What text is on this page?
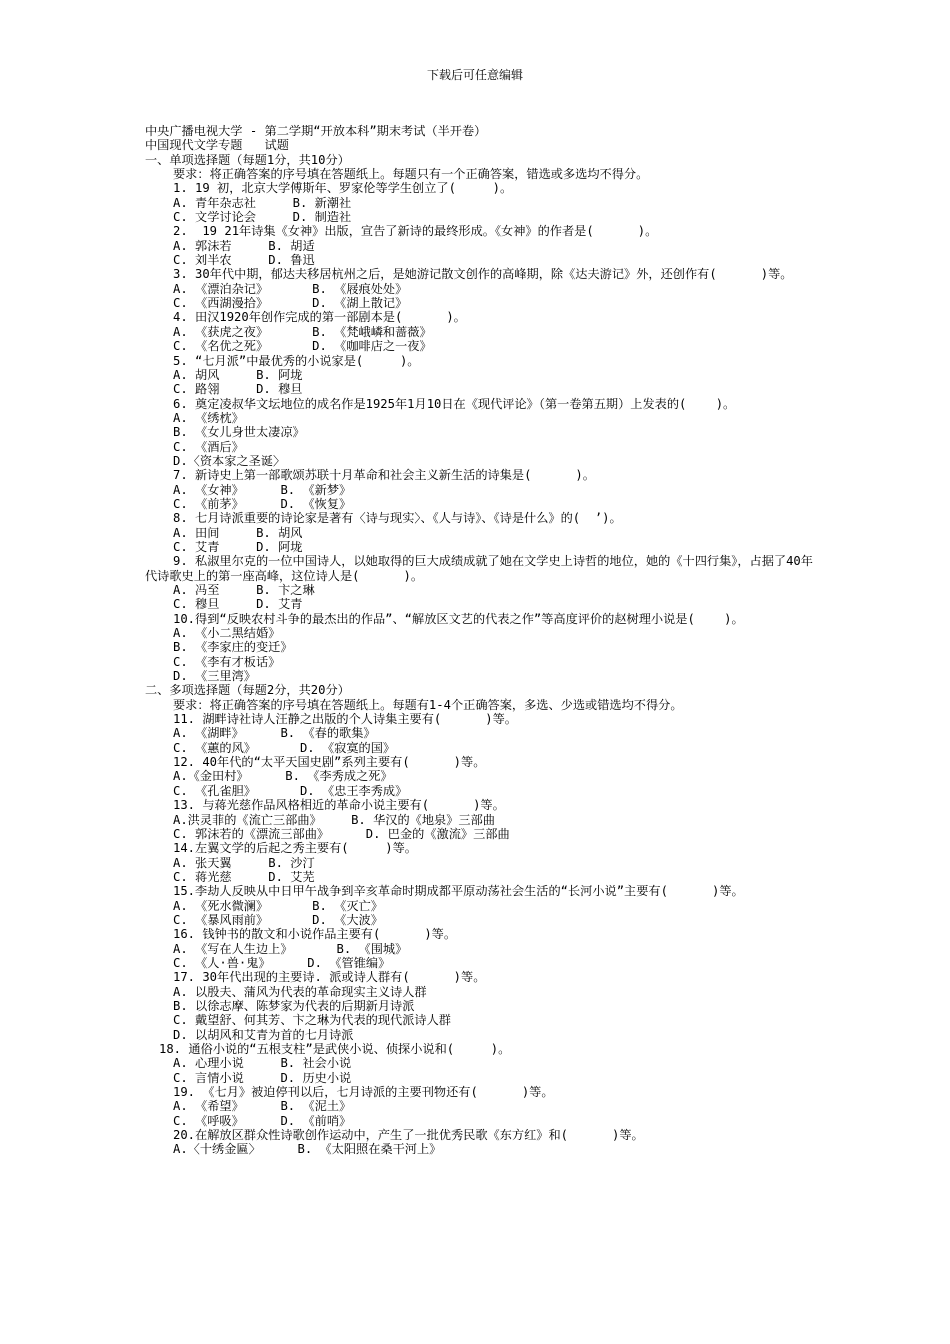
下载后可任意编辑
中央广播电视大学 - 第二学期“开放本科”期末考试（半开卷）
中国现代文学专题   试题
一、单项选择题（每题1分，共10分）
要求：将正确答案的序号填在答题纸上。每题只有一个正确答案，错选或多选均不得分。
1. 19 初，北京大学傅斯年、罗家伦等学生创立了(     )。
A. 青年杂志社     B. 新潮社
C. 文学讨论会     D. 制造社
2.  19 21年诗集《女神》出版，宣告了新诗的最终形成。《女神》的作者是(      )。
A. 郭沫若     B. 胡适
C. 刘半农     D. 鲁迅
3. 30年代中期，郁达夫移居杭州之后，是她游记散文创作的高峰期，除《达夫游记》外，还创作有(      )等。
A. 《漂泊杂记》      B. 《屐痕处处》
C. 《西湖漫拾》      D. 《湖上散记》
4. 田汉1920年创作完成的第一部剧本是(      )。
A. 《获虎之夜》      B. 《梵峨嶙和蔷薇》
C. 《名优之死》      D. 《咖啡店之一夜》
5. “七月派”中最优秀的小说家是(     )。
A. 胡风     B. 阿垅
C. 路翎     D. 穆旦
6. 奠定凌叔华文坛地位的成名作是1925年1月10日在《现代评论》（第一卷第五期）上发表的(    )。
A. 《绣枕》
B. 《女儿身世太凄凉》
C. 《酒后》
D.〈资本家之圣诞〉
7. 新诗史上第一部歌颂苏联十月革命和社会主义新生活的诗集是(      )。
A. 《女神》     B. 《新梦》
C. 《前茅》     D. 《恢复》
8. 七月诗派重要的诗论家是著有〈诗与现实〉、《人与诗》、《诗是什么》的(  ’)。
A. 田间     B. 胡风
C. 艾青     D. 阿垅
9. 私淑里尔克的一位中国诗人，以她取得的巨大成绩成就了她在文学史上诗哲的地位，她的《十四行集》，占据了40年代诗歌史上的第一座高峰，这位诗人是(      )。
A. 冯至     B. 卞之琳
C. 穆旦     D. 艾青
10.得到“反映农村斗争的最杰出的作品”、“解放区文艺的代表之作”等高度评价的赵树理小说是(    )。
A. 《小二黑结婚》
B. 《李家庄的变迁》
C. 《李有才板话》
D. 《三里湾》
二、多项选择题（每题2分，共20分）
要求：将正确答案的序号填在答题纸上。每题有1-4个正确答案，多选、少选或错选均不得分。
11. 湖畔诗社诗人汪静之出版的个人诗集主要有(      )等。
A. 《湖畔》     B. 《春的歌集》
C. 《蕙的风》      D. 《寂寞的国》
12. 40年代的“太平天国史剧”系列主要有(      )等。
A.《金田村》     B. 《李秀成之死》
C. 《孔雀胆》      D. 《忠王李秀成》
13. 与蒋光慈作品风格相近的革命小说主要有(      )等。
A.洪灵菲的《流亡三部曲》    B. 华汉的《地泉》三部曲
C. 郭沫若的《漂流三部曲》     D. 巴金的《激流》三部曲
14.左翼文学的后起之秀主要有(     )等。
A. 张天翼     B. 沙汀
C. 蒋光慈     D. 艾芜
15.李劫人反映从中日甲午战争到辛亥革命时期成都平原动荡社会生活的“长河小说”主要有(      )等。
A. 《死水微澜》      B. 《灭亡》
C. 《暴风雨前》      D. 《大波》
16. 钱钟书的散文和小说作品主要有(      )等。
A. 《写在人生边上》      B. 《围城》
C. 《人·兽·鬼》     D. 《管锥编》
17. 30年代出现的主要诗. 派或诗人群有(      )等。
A. 以殷夫、蒲风为代表的革命现实主义诗人群
B. 以徐志摩、陈梦家为代表的后期新月诗派
C. 戴望舒、何其芳、卞之琳为代表的现代派诗人群
D. 以胡风和艾青为首的七月诗派
18. 通俗小说的“五根支柱”是武侠小说、侦探小说和(     )。
A. 心理小说     B. 社会小说
C. 言情小说     D. 历史小说
19. 《七月》被迫停刊以后，七月诗派的主要刊物还有(      )等。
A. 《希望》     B. 《泥土》
C. 《呼吸》     D. 《前哨》
20.在解放区群众性诗歌创作运动中，产生了一批优秀民歌《东方红》和(      )等。
A.〈十绣金匾〉     B. 《太阳照在桑干河上》
